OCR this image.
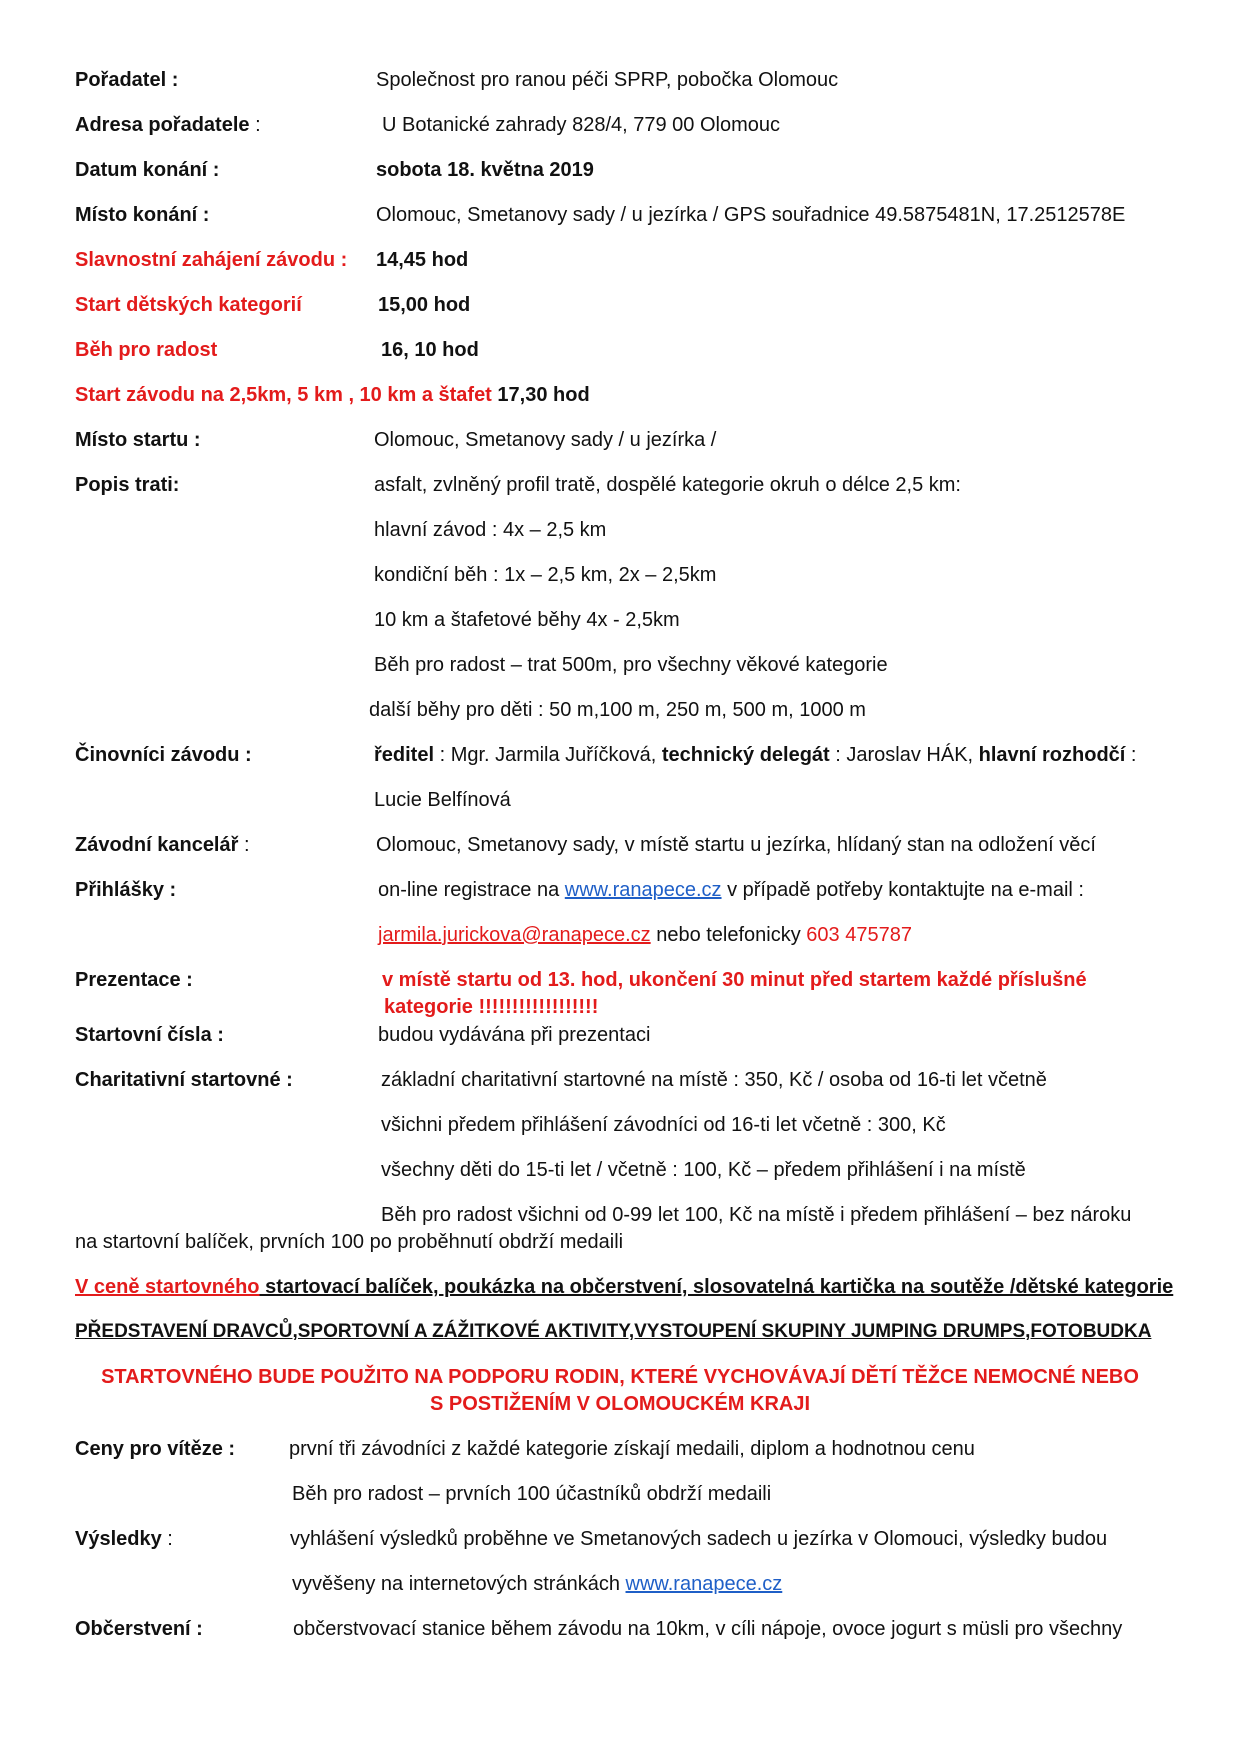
Pořadatel :	Společnost pro ranou péči SPRP, pobočka Olomouc
Adresa pořadatele :	U Botanické zahrady 828/4, 779 00 Olomouc
Datum konání :	sobota 18. května 2019
Místo konání :	Olomouc, Smetanovy sady / u jezírka / GPS souřadnice 49.5875481N, 17.2512578E
Slavnostní zahájení závodu : 14,45 hod
Start dětských kategorií	15,00 hod
Běh pro radost	16, 10 hod
Start závodu na 2,5km, 5 km , 10 km a štafet 17,30 hod
Místo startu :	Olomouc, Smetanovy sady / u jezírka /
Popis trati:	asfalt, zvlněný profil tratě, dospělé kategorie okruh o délce 2,5 km:
hlavní závod : 4x – 2,5 km
kondiční běh : 1x – 2,5 km, 2x – 2,5km
10 km a štafetové běhy 4x - 2,5km
Běh pro radost – trat 500m, pro všechny věkové kategorie
další běhy pro děti : 50 m,100 m, 250 m, 500 m, 1000 m
Činovníci závodu :	ředitel : Mgr. Jarmila Juříčková, technický delegát : Jaroslav HÁK, hlavní rozhodčí :
Lucie Belfínová
Závodní kancelář :	Olomouc, Smetanovy sady, v místě startu u jezírka, hlídaný stan na odložení věcí
Přihlášky :	on-line registrace na www.ranapece.cz v případě potřeby kontaktujte na e-mail :
jarmila.jurickova@ranapece.cz nebo telefonicky 603 475787
Prezentace :	v místě startu od 13. hod, ukončení 30 minut před startem každé příslušné
kategorie !!!!!!!!!!!!!!!!!!
Startovní čísla :	budou vydávána při prezentaci
Charitativní startovné :	základní charitativní startovné na místě : 350, Kč / osoba od 16-ti let včetně
všichni předem přihlášení závodníci od 16-ti let včetně : 300, Kč
všechny děti do 15-ti let / včetně : 100, Kč – předem přihlášení i na místě
Běh pro radost všichni od 0-99 let 100, Kč na místě i předem přihlášení – bez nároku
na startovní balíček, prvních 100 po proběhnutí obdrží medaili
V ceně startovného startovací balíček, poukázka na občerstvení, slosovatelná kartička na soutěže /dětské kategorie
PŘEDSTAVENÍ DRAVCŮ,SPORTOVNÍ A ZÁŽITKOVÉ AKTIVITY,VYSTOUPENÍ SKUPINY JUMPING DRUMPS,FOTOBUDKA
STARTOVNÉHO BUDE POUŽITO NA PODPORU RODIN, KTERÉ VYCHOVÁVAJÍ DĚTÍ TĚŽCE NEMOCNÉ NEBO
S POSTIŽENÍM V OLOMOUCKÉM KRAJI
Ceny pro vítěze :	první tři závodníci z každé kategorie získají medaili, diplom a hodnotnou cenu
Běh pro radost – prvních 100 účastníků obdrží medaili
Výsledky :	vyhlášení výsledků proběhne ve Smetanových sadech u jezírka v Olomouci, výsledky budou
vyvěšeny na internetových stránkách www.ranapece.cz
Občerstvení :	občerstvovací stanice během závodu na 10km, v cíli nápoje, ovoce jogurt s müsli pro všechny
